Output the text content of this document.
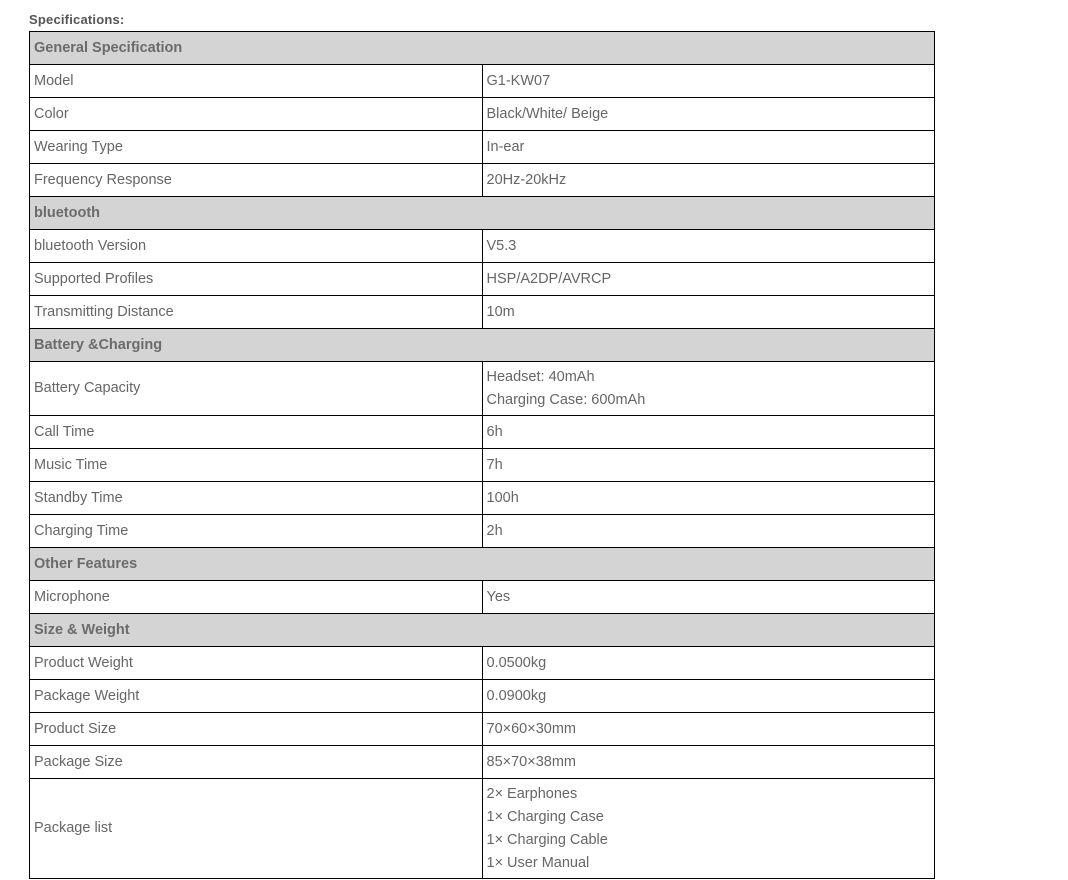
Specifications:
General Specification	
Model	G1-KW07

Color	Black/White/ Beige

Wearing Type	In-ear

Frequency Response	20Hz-20kHz

bluetooth	
bluetooth Version	V5.3

Supported Profiles	HSP/A2DP/AVRCP

Transmitting Distance	10m

Battery &Charging	
Battery Capacity	Headset: 40mAh
Charging Case: 600mAh

Call Time	6h

Music Time	7h

Standby Time	100h

Charging Time	2h

Other Features	
Microphone	Yes

Size & Weight	
Product Weight	0.0500kg

Package Weight	0.0900kg

Product Size	70×60×30mm

Package Size	85×70×38mm

Package list	2× Earphones
1× Charging Case
1× Charging Cable
1× User Manual
